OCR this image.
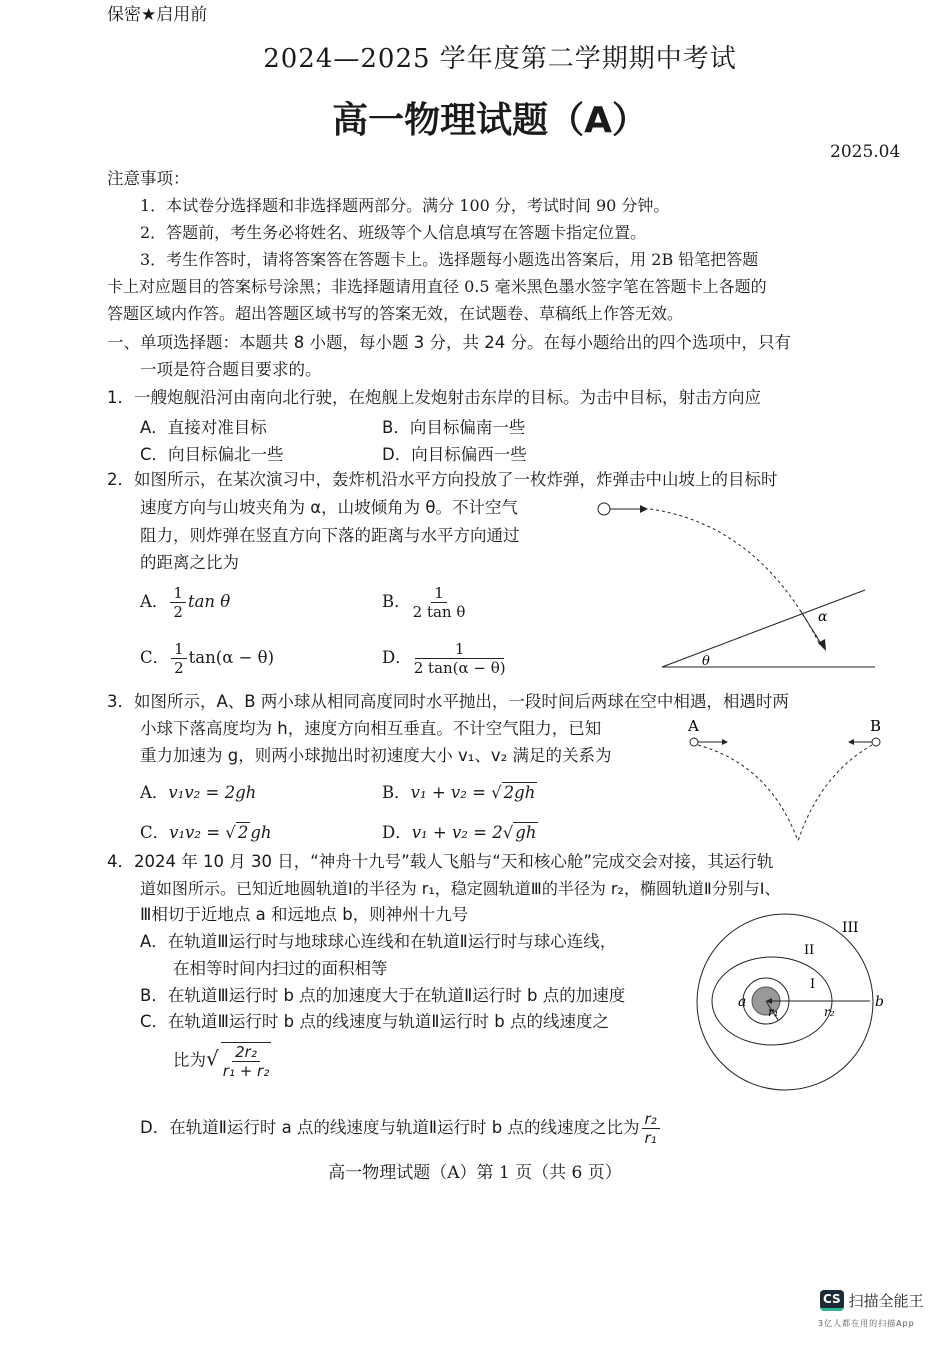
保密★启用前
2024—2025 学年度第二学期期中考试
高一物理试题（A）
2025.04
注意事项：
1．本试卷分选择题和非选择题两部分。满分 100 分，考试时间 90 分钟。
2．答题前，考生务必将姓名、班级等个人信息填写在答题卡指定位置。
3．考生作答时，请将答案答在答题卡上。选择题每小题选出答案后，用 2B 铅笔把答题
卡上对应题目的答案标号涂黑；非选择题请用直径 0.5 毫米黑色墨水签字笔在答题卡上各题的
答题区域内作答。超出答题区域书写的答案无效，在试题卷、草稿纸上作答无效。
一、单项选择题：本题共 8 小题，每小题 3 分，共 24 分。在每小题给出的四个选项中，只有
一项是符合题目要求的。
1．一艘炮舰沿河由南向北行驶，在炮舰上发炮射击东岸的目标。为击中目标，射击方向应
A．直接对准目标	B．向目标偏南一些
C．向目标偏北一些	D．向目标偏西一些
2．如图所示，在某次演习中，轰炸机沿水平方向投放了一枚炸弹，炸弹击中山坡上的目标时
速度方向与山坡夹角为 α，山坡倾角为 θ。不计空气
阻力，则炸弹在竖直方向下落的距离与水平方向通过
的距离之比为
A． $\frac{1}{2}$ tan θ	B． $\frac{1}{\text{2 tan θ}}$
C． $\frac{1}{2} \tan(\alpha - \theta)$	D． $\frac{1}{2 \tan(\alpha - \theta)}$
α
θ
3．如图所示，A、B 两小球从相同高度同时水平抛出，一段时间后两球在空中相遇，相遇时两
小球下落高度均为 h，速度方向相互垂直。不计空气阻力，已知
重力加速为 g，则两小球抛出时初速度大小 v₁、v₂ 满足的关系为
A．v₁v₂ = 2gh	B．v₁ + v₂ = √ 2gh
C．v₁v₂ = √ 2 gh	D．v₁ + v₂ = 2√ gh
A	B
4．2024 年 10 月 30 日，“神舟十九号”载人飞船与“天和核心舱”完成交会对接，其运行轨
道如图所示。已知近地圆轨道Ⅰ的半径为 r₁，稳定圆轨道Ⅲ的半径为 r₂，椭圆轨道Ⅱ分别与Ⅰ、
Ⅲ相切于近地点 a 和远地点 b，则神州十九号
A．在轨道Ⅲ运行时与地球球心连线和在轨道Ⅱ运行时与球心连线，
在相等时间内扫过的面积相等
B．在轨道Ⅲ运行时 b 点的加速度大于在轨道Ⅱ运行时 b 点的加速度
C．在轨道Ⅲ运行时 b 点的线速度与轨道Ⅱ运行时 b 点的线速度之
比为√ $\frac{\text{2r₂}}{\text{r₁ + r₂}}$
D．在轨道Ⅱ运行时 a 点的线速度与轨道Ⅱ运行时 b 点的线速度之比为 $\frac{\text{r₂}}{\text{r₁}}$
III
II
I
a	b
r₁	r₂
高一物理试题（A）第 1 页（共 6 页）
CS 扫描全能王
3亿人都在用的扫描App
